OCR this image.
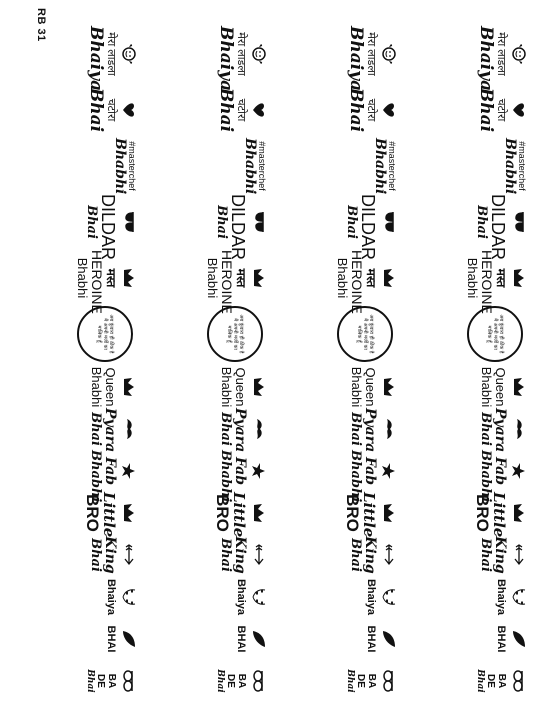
RB 31
मेरा लाडला
Bhaiya
मेरा लाडला
Bhaiya
मेरा लाडला
Bhaiya
मेरा लाडला
Bhaiya
चटोरा
Bhai
चटोरा
Bhai
चटोरा
Bhai
चटोरा
Bhai
#masterchef
Bhabhi
#masterchef
Bhabhi
#masterchef
Bhabhi
#masterchef
Bhabhi
DILDAR
Bhai
DILDAR
Bhai
DILDAR
Bhai
DILDAR
Bhai
मस्त
HEROINE
Bhabhi
मस्त
HEROINE
Bhabhi
मस्त
HEROINE
Bhabhi
मस्त
HEROINE
Bhabhi
अब कुंवारा ही ठीक है मैं अपनी मर्जी का मालिक हूँ
अब कुंवारा ही ठीक है मैं अपनी मर्जी का मालिक हूँ
अब कुंवारा ही ठीक है मैं अपनी मर्जी का मालिक हूँ
अब कुंवारा ही ठीक है मैं अपनी मर्जी का मालिक हूँ
Queen
Bhabhi
Queen
Bhabhi
Queen
Bhabhi
Queen
Bhabhi
Pyara
Bhai
Pyara
Bhai
Pyara
Bhai
Pyara
Bhai
Fab
Bhabhi
Fab
Bhabhi
Fab
Bhabhi
Fab
Bhabhi
Little
BRO
Little
BRO
Little
BRO
Little
BRO
King
Bhai
King
Bhai
King
Bhai
King
Bhai
Bhaiya
Bhaiya
Bhaiya
Bhaiya
BHAI
BHAI
BHAI
BHAI
BA
DE
Bhai
BA
DE
Bhai
BA
DE
Bhai
BA
DE
Bhai
